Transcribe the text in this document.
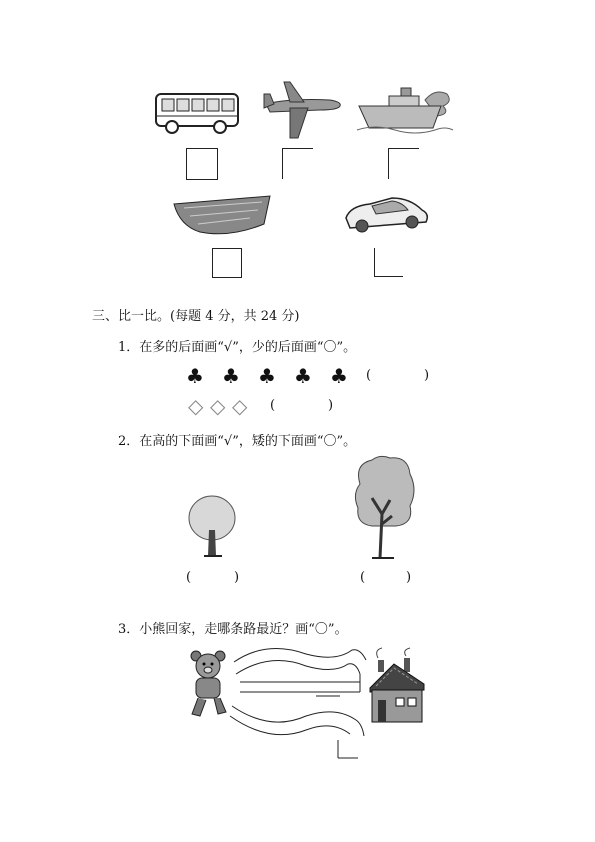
三、比一比。(每题 4 分，共 24 分)
1．在多的后面画“√”，少的后面画“〇”。
♣ ♣ ♣ ♣ ♣ (	)
◇ ◇ ◇ (	)
2．在高的下面画“√”，矮的下面画“〇”。
(	)	(	)
3．小熊回家，走哪条路最近？画“〇”。
